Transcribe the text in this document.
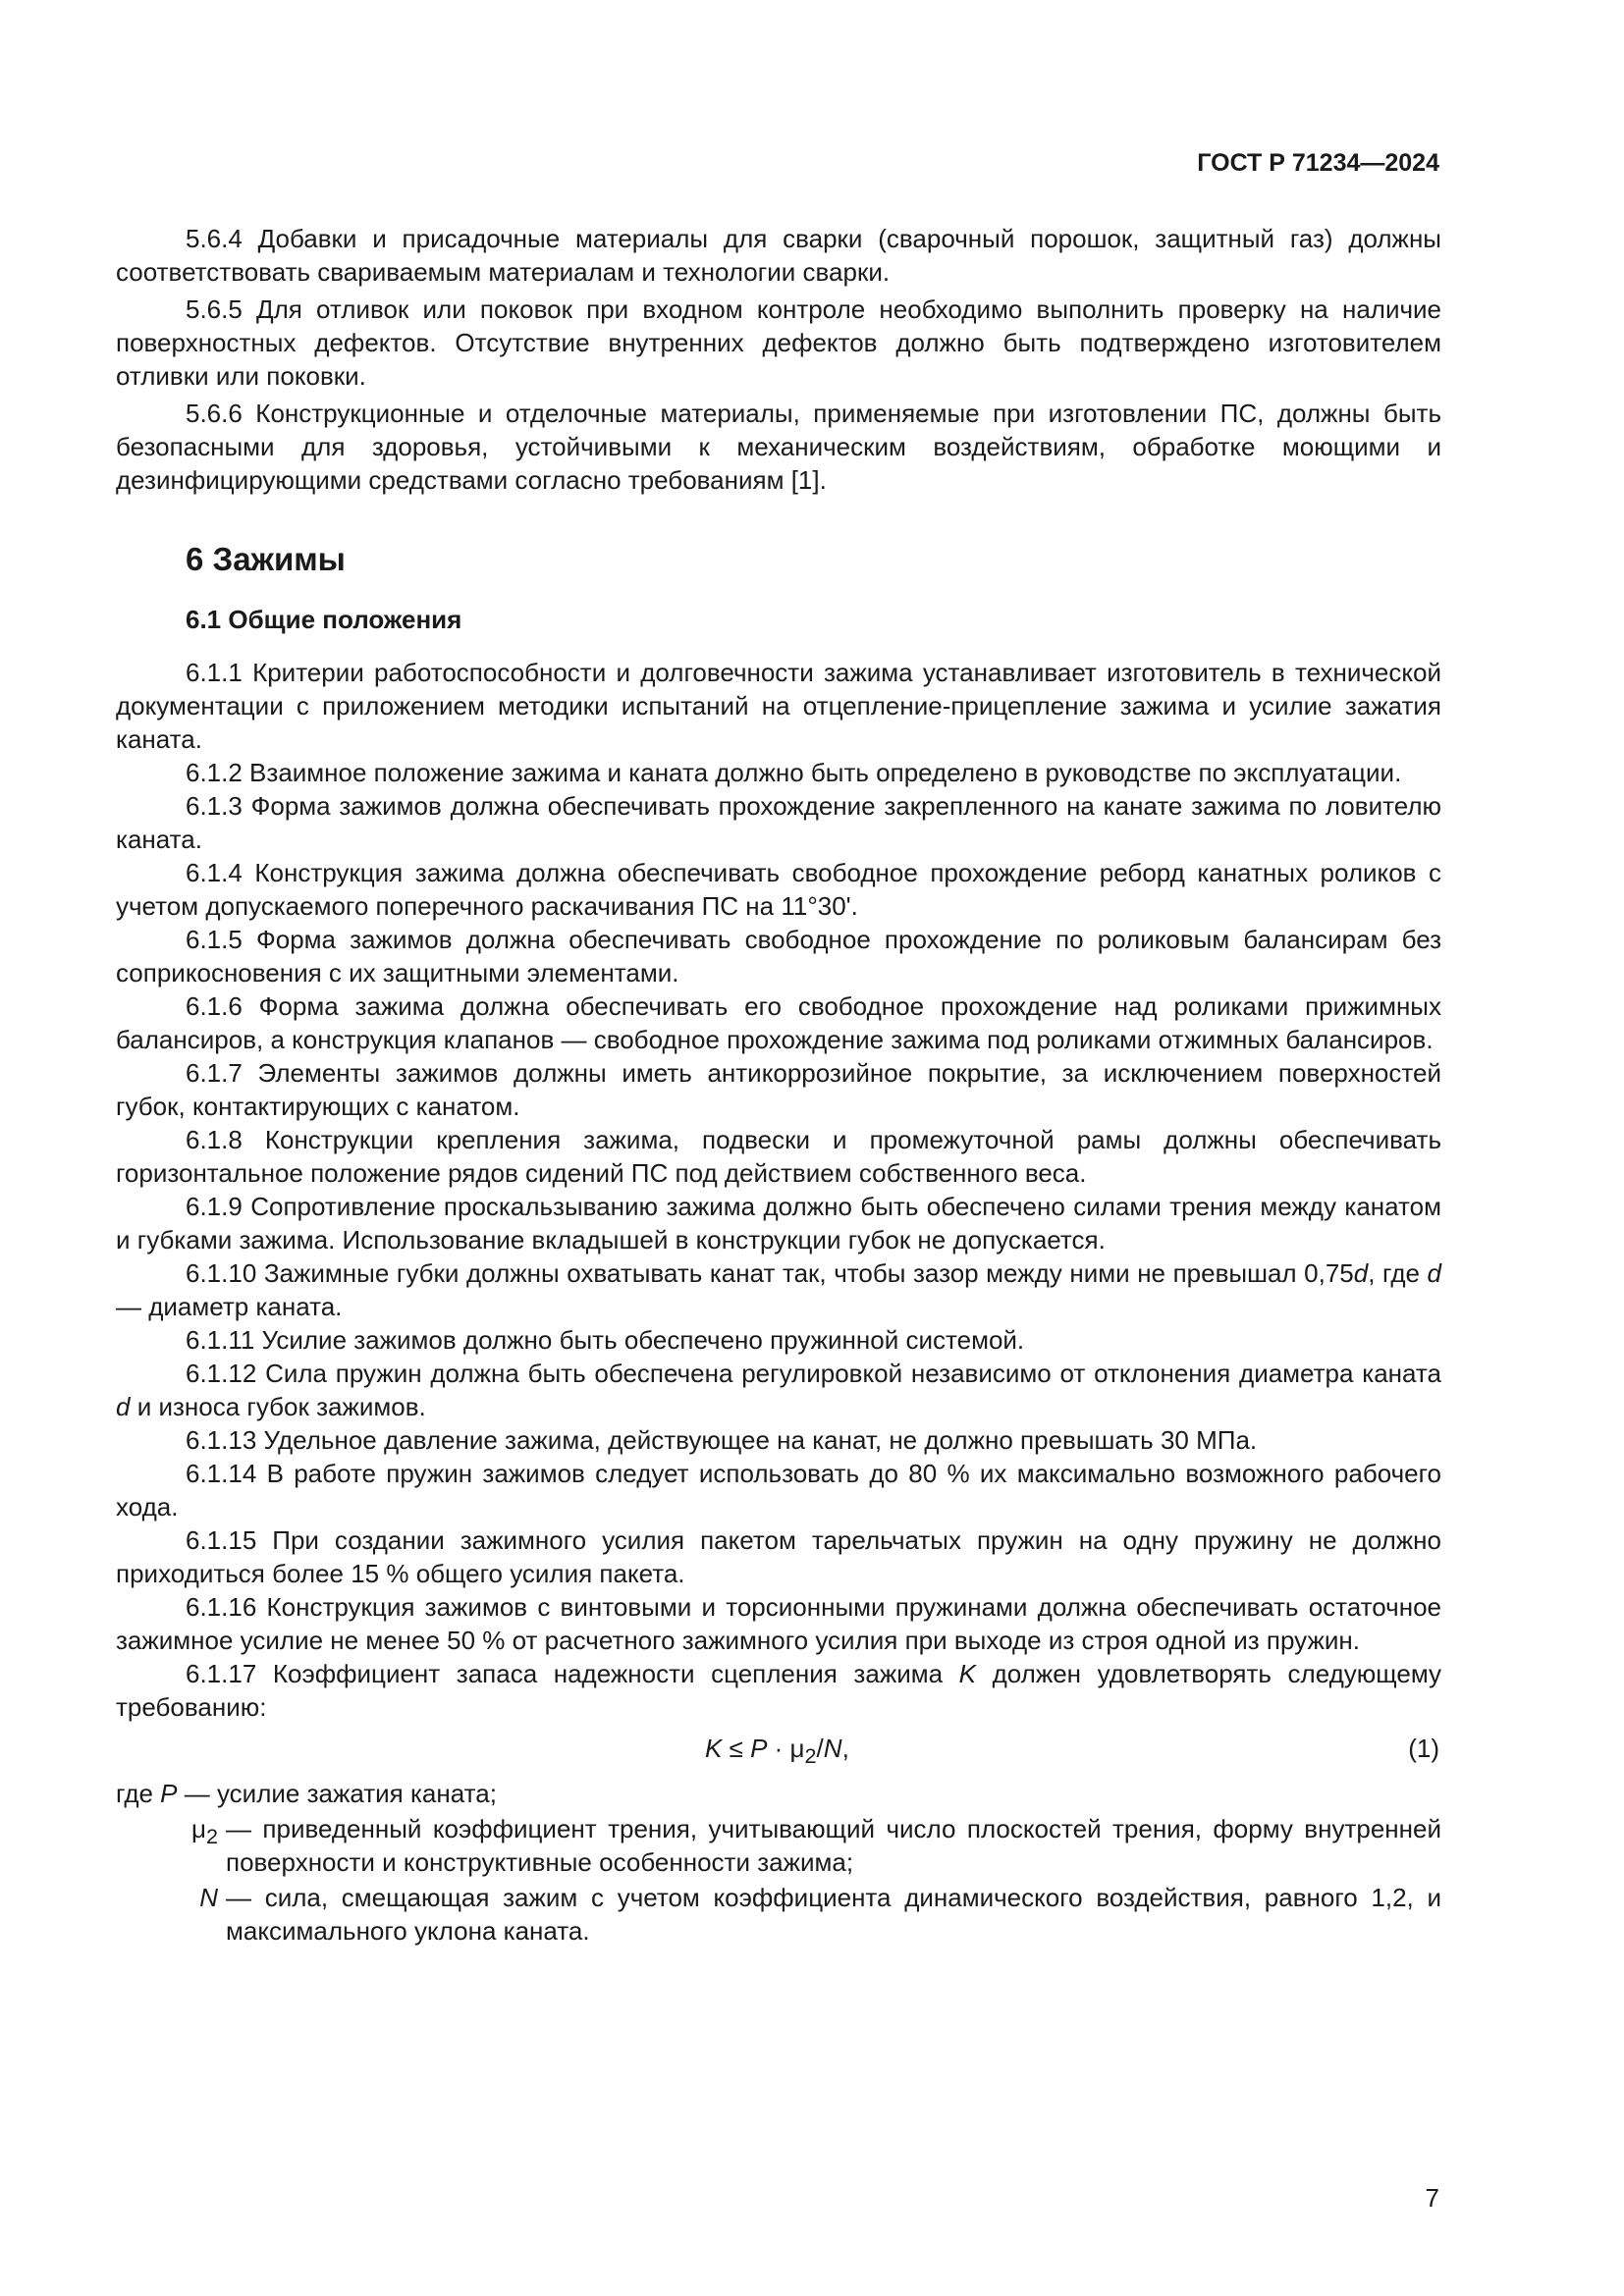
ГОСТ Р 71234—2024

5.6.4 Добавки и присадочные материалы для сварки (сварочный порошок, защитный газ) должны соответствовать свариваемым материалам и технологии сварки.

5.6.5 Для отливок или поковок при входном контроле необходимо выполнить проверку на наличие поверхностных дефектов. Отсутствие внутренних дефектов должно быть подтверждено изготовителем отливки или поковки.

5.6.6 Конструкционные и отделочные материалы, применяемые при изготовлении ПС, должны быть безопасными для здоровья, устойчивыми к механическим воздействиям, обработке моющими и дезинфицирующими средствами согласно требованиям [1].

6 Зажимы
6.1 Общие положения

6.1.1 Критерии работоспособности и долговечности зажима устанавливает изготовитель в технической документации с приложением методики испытаний на отцепление-прицепление зажима и усилие зажатия каната.

6.1.2 Взаимное положение зажима и каната должно быть определено в руководстве по эксплуатации.

6.1.3 Форма зажимов должна обеспечивать прохождение закрепленного на канате зажима по ловителю каната.

6.1.4 Конструкция зажима должна обеспечивать свободное прохождение реборд канатных роликов с учетом допускаемого поперечного раскачивания ПС на 11°30'.

6.1.5 Форма зажимов должна обеспечивать свободное прохождение по роликовым балансирам без соприкосновения с их защитными элементами.

6.1.6 Форма зажима должна обеспечивать его свободное прохождение над роликами прижимных балансиров, а конструкция клапанов — свободное прохождение зажима под роликами отжимных балансиров.

6.1.7 Элементы зажимов должны иметь антикоррозийное покрытие, за исключением поверхностей губок, контактирующих с канатом.

6.1.8 Конструкции крепления зажима, подвески и промежуточной рамы должны обеспечивать горизонтальное положение рядов сидений ПС под действием собственного веса.

6.1.9 Сопротивление проскальзыванию зажима должно быть обеспечено силами трения между канатом и губками зажима. Использование вкладышей в конструкции губок не допускается.

6.1.10 Зажимные губки должны охватывать канат так, чтобы зазор между ними не превышал 0,75d, где d — диаметр каната.

6.1.11 Усилие зажимов должно быть обеспечено пружинной системой.

6.1.12 Сила пружин должна быть обеспечена регулировкой независимо от отклонения диаметра каната d и износа губок зажимов.

6.1.13 Удельное давление зажима, действующее на канат, не должно превышать 30 МПа.

6.1.14 В работе пружин зажимов следует использовать до 80 % их максимально возможного рабочего хода.

6.1.15 При создании зажимного усилия пакетом тарельчатых пружин на одну пружину не должно приходиться более 15 % общего усилия пакета.

6.1.16 Конструкция зажимов с винтовыми и торсионными пружинами должна обеспечивать остаточное зажимное усилие не менее 50 % от расчетного зажимного усилия при выходе из строя одной из пружин.

6.1.17 Коэффициент запаса надежности сцепления зажима K должен удовлетворять следующему требованию:

$K \le P \cdot \mu_2/N$,	(1)
где P — усилие зажатия каната;
$\mu_2$ — приведенный коэффициент трения, учитывающий число плоскостей трения, форму внутренней поверхности и конструктивные особенности зажима;
N — сила, смещающая зажим с учетом коэффициента динамического воздействия, равного 1,2, и максимального уклона каната.
7
